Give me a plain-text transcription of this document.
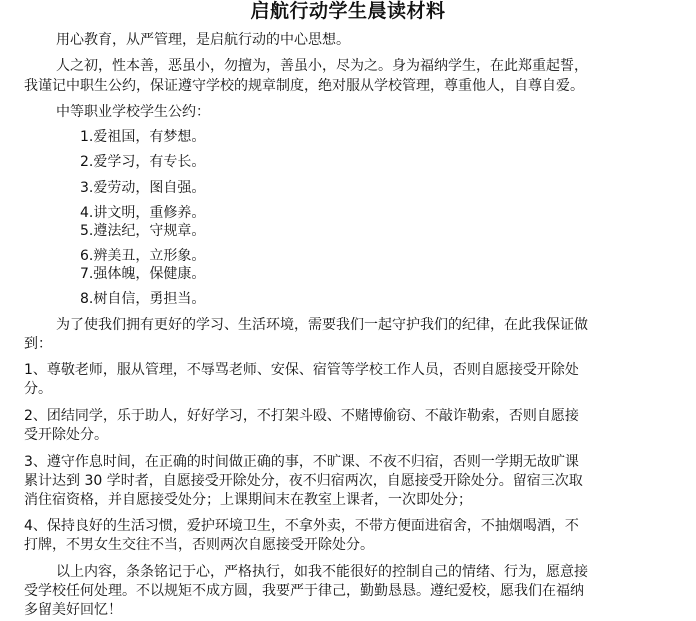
启航行动学生晨读材料
用心教育，从严管理，是启航行动的中心思想。
人之初，性本善，恶虽小，勿擅为，善虽小，尽为之。身为福纳学生，在此郑重起誓，
我谨记中职生公约，保证遵守学校的规章制度，绝对服从学校管理，尊重他人，自尊自爱。
中等职业学校学生公约：
1.爱祖国，有梦想。
2.爱学习，有专长。
3.爱劳动，图自强。
4.讲文明，重修养。
5.遵法纪，守规章。
6.辨美丑，立形象。
7.强体魄，保健康。
8.树自信，勇担当。
为了使我们拥有更好的学习、生活环境，需要我们一起守护我们的纪律，在此我保证做
到：
1、尊敬老师，服从管理，不辱骂老师、安保、宿管等学校工作人员，否则自愿接受开除处
分。
2、团结同学，乐于助人，好好学习，不打架斗殴、不赌博偷窃、不敲诈勒索，否则自愿接
受开除处分。
3、遵守作息时间，在正确的时间做正确的事，不旷课、不夜不归宿，否则一学期无故旷课
累计达到 30 学时者，自愿接受开除处分，夜不归宿两次，自愿接受开除处分。留宿三次取
消住宿资格，并自愿接受处分；上课期间末在教室上课者，一次即处分；
4、保持良好的生活习惯，爱护环境卫生，不拿外卖，不带方便面进宿舍，不抽烟喝酒，不
打牌，不男女生交往不当，否则两次自愿接受开除处分。
以上内容，条条铭记于心，严格执行，如我不能很好的控制自己的情绪、行为，愿意接
受学校任何处理。不以规矩不成方圆，我要严于律己，勤勤恳恳。遵纪爱校，愿我们在福纳
多留美好回忆！
